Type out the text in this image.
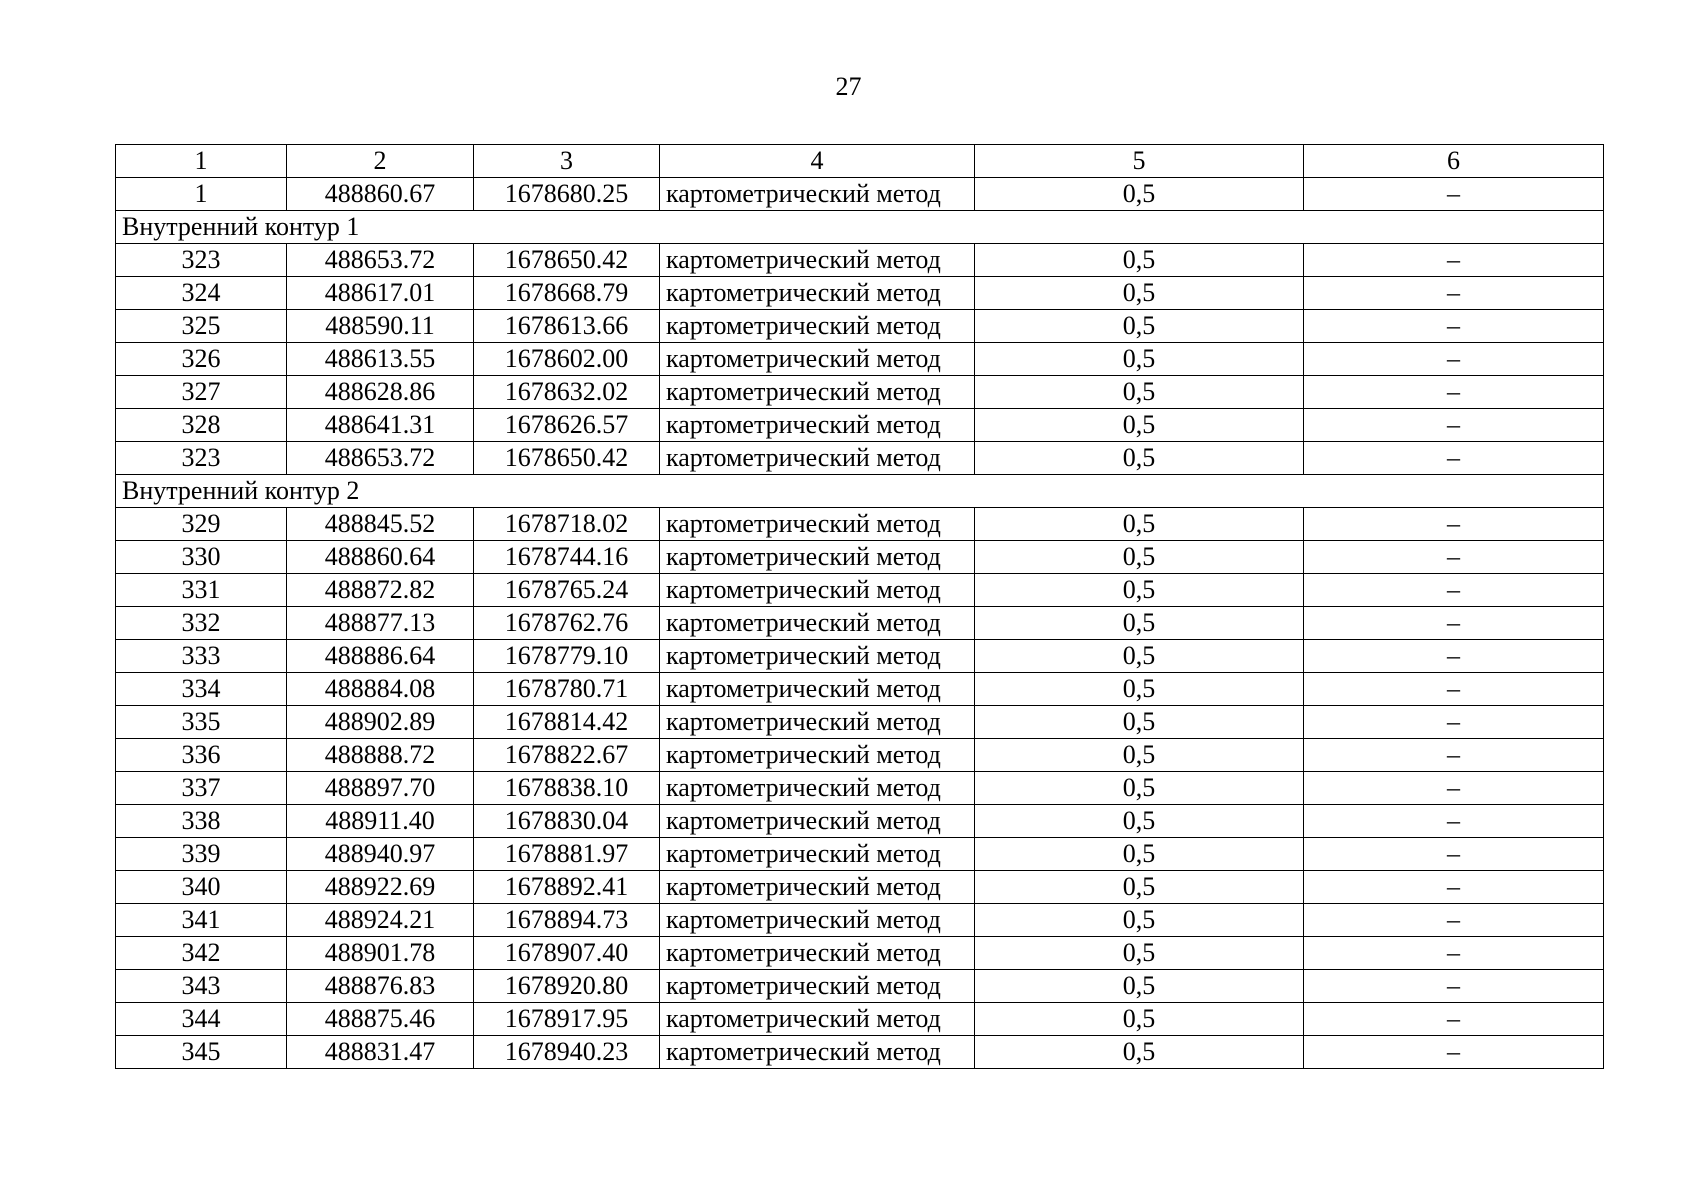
27
1	2	3	4	5	6
1	488860.67	1678680.25	картометрический метод	0,5	–
Внутренний контур 1					
323	488653.72	1678650.42	картометрический метод	0,5	–
324	488617.01	1678668.79	картометрический метод	0,5	–
325	488590.11	1678613.66	картометрический метод	0,5	–
326	488613.55	1678602.00	картометрический метод	0,5	–
327	488628.86	1678632.02	картометрический метод	0,5	–
328	488641.31	1678626.57	картометрический метод	0,5	–
323	488653.72	1678650.42	картометрический метод	0,5	–
Внутренний контур 2					
329	488845.52	1678718.02	картометрический метод	0,5	–
330	488860.64	1678744.16	картометрический метод	0,5	–
331	488872.82	1678765.24	картометрический метод	0,5	–
332	488877.13	1678762.76	картометрический метод	0,5	–
333	488886.64	1678779.10	картометрический метод	0,5	–
334	488884.08	1678780.71	картометрический метод	0,5	–
335	488902.89	1678814.42	картометрический метод	0,5	–
336	488888.72	1678822.67	картометрический метод	0,5	–
337	488897.70	1678838.10	картометрический метод	0,5	–
338	488911.40	1678830.04	картометрический метод	0,5	–
339	488940.97	1678881.97	картометрический метод	0,5	–
340	488922.69	1678892.41	картометрический метод	0,5	–
341	488924.21	1678894.73	картометрический метод	0,5	–
342	488901.78	1678907.40	картометрический метод	0,5	–
343	488876.83	1678920.80	картометрический метод	0,5	–
344	488875.46	1678917.95	картометрический метод	0,5	–
345	488831.47	1678940.23	картометрический метод	0,5	–
